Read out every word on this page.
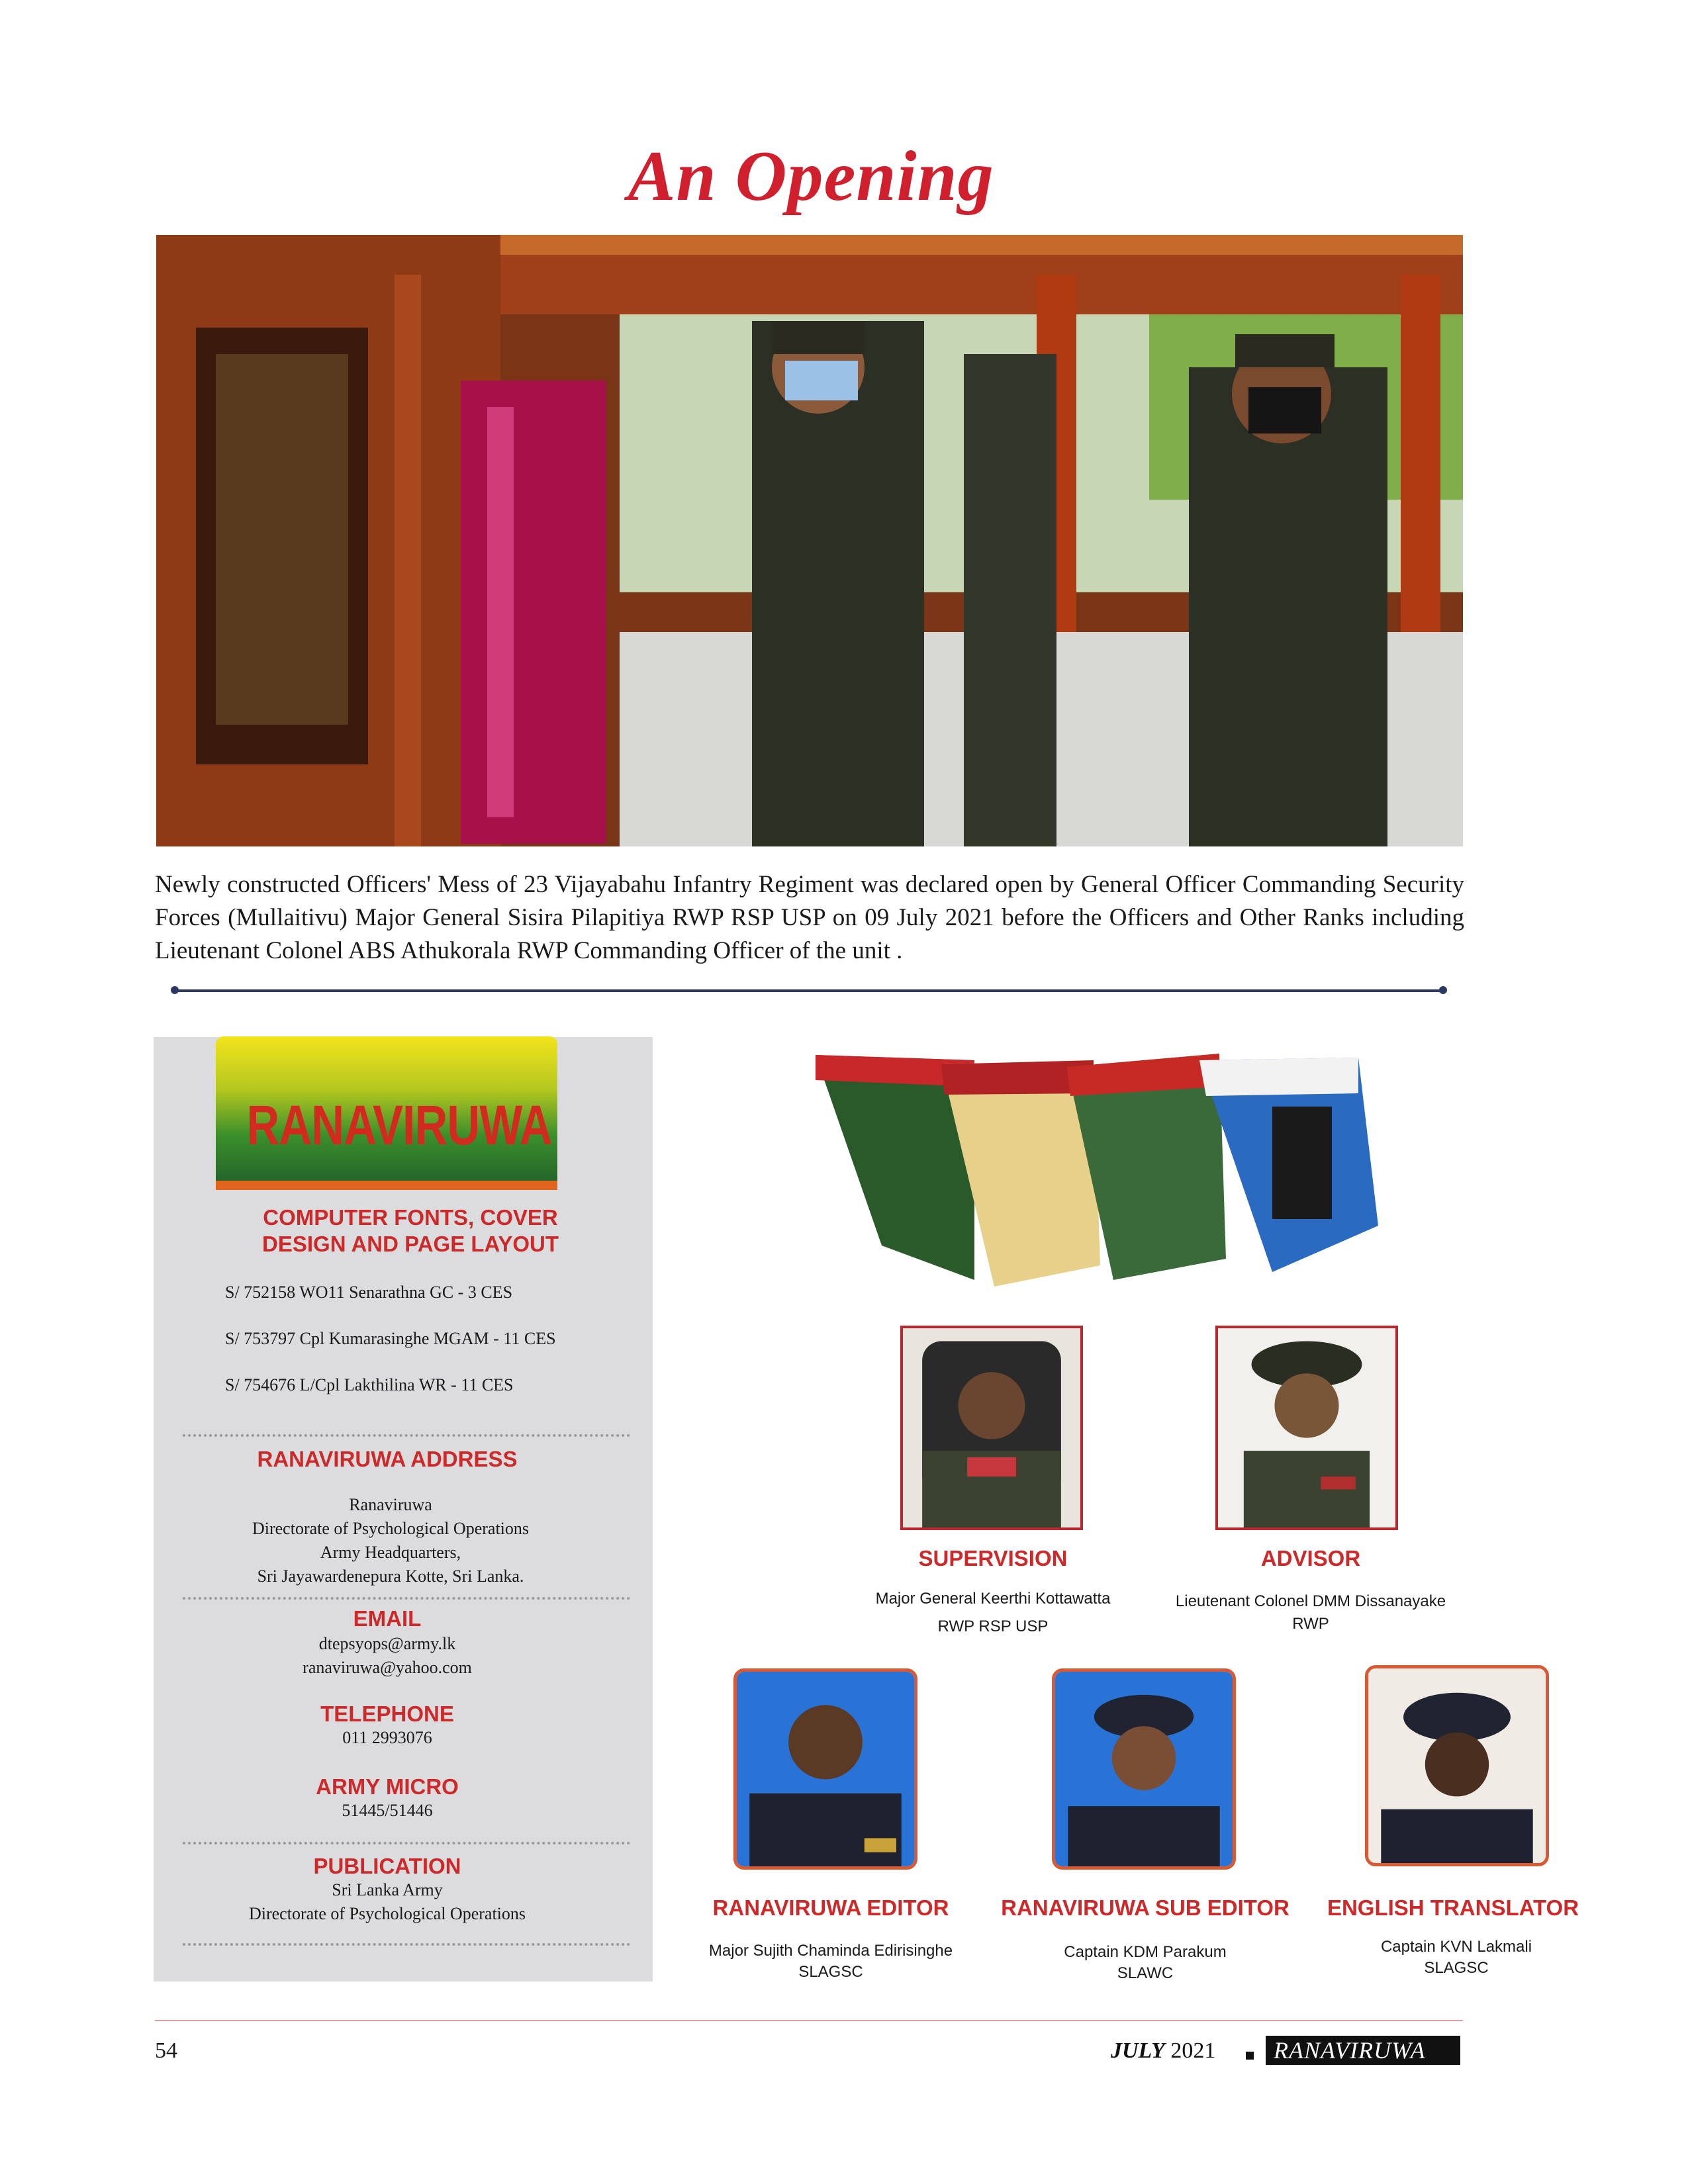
An Opening
Newly constructed Officers' Mess of 23 Vijayabahu Infantry Regiment was declared open by General Officer Commanding Security Forces (Mullaitivu) Major General Sisira Pilapitiya RWP RSP USP on 09 July 2021 before the Officers and Other Ranks including Lieutenant Colonel ABS Athukorala RWP Commanding Officer of the unit .
RANAVIRUWA
COMPUTER FONTS, COVER
DESIGN AND PAGE LAYOUT
S/ 752158 WO11 Senarathna GC - 3 CES
S/ 753797 Cpl Kumarasinghe MGAM - 11 CES
S/ 754676 L/Cpl Lakthilina WR - 11 CES
RANAVIRUWA ADDRESS
Ranaviruwa
Directorate of Psychological Operations
Army Headquarters,
Sri Jayawardenepura Kotte, Sri Lanka.
EMAIL
dtepsyops@army.lk
ranaviruwa@yahoo.com
TELEPHONE
011 2993076
ARMY MICRO
51445/51446
PUBLICATION
Sri Lanka Army
Directorate of Psychological Operations
SUPERVISION
Major General Keerthi Kottawatta
RWP RSP USP
ADVISOR
Lieutenant Colonel DMM Dissanayake
RWP
RANAVIRUWA EDITOR
Major Sujith Chaminda Edirisinghe
SLAGSC
RANAVIRUWA SUB EDITOR
Captain KDM Parakum
SLAWC
ENGLISH TRANSLATOR
Captain KVN Lakmali
SLAGSC
54	JULY 2021	RANAVIRUWA
